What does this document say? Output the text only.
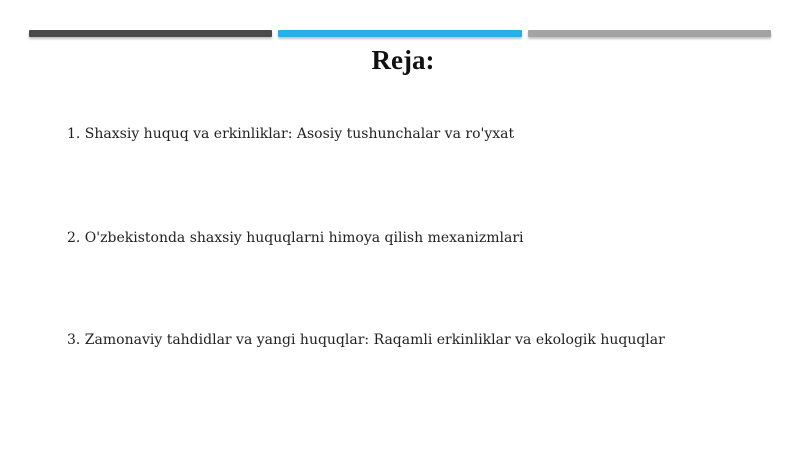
Reja:
1. Shaxsiy huquq va erkinliklar: Asosiy tushunchalar va ro'yxat
2. O'zbekistonda shaxsiy huquqlarni himoya qilish mexanizmlari
3. Zamonaviy tahdidlar va yangi huquqlar: Raqamli erkinliklar va ekologik huquqlar
